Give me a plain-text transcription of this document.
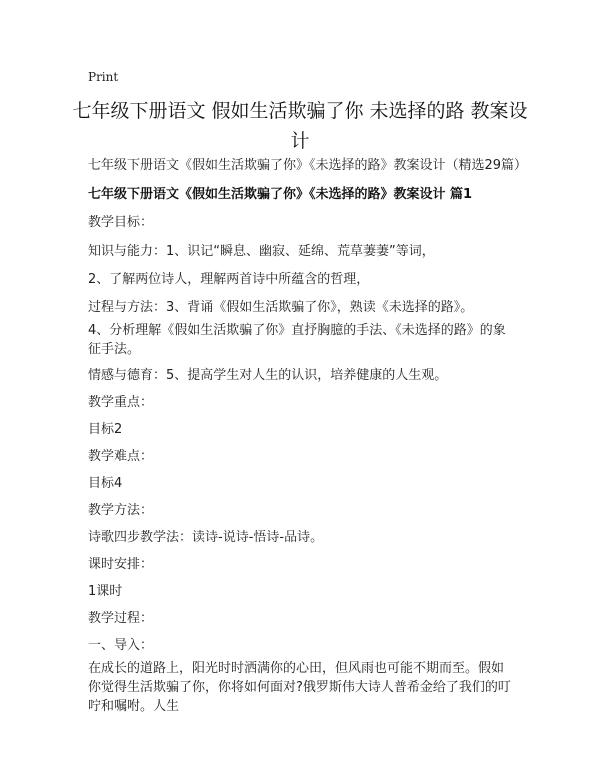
Print
七年级下册语文 假如生活欺骗了你 未选择的路 教案设计
七年级下册语文《假如生活欺骗了你》《未选择的路》教案设计（精选29篇）
七年级下册语文《假如生活欺骗了你》《未选择的路》教案设计 篇1
教学目标：
知识与能力：1、识记“瞬息、幽寂、延绵、荒草萋萋”等词，
2、了解两位诗人，理解两首诗中所蕴含的哲理，
过程与方法：3、背诵《假如生活欺骗了你》，熟读《未选择的路》。
4、分析理解《假如生活欺骗了你》直抒胸臆的手法、《未选择的路》的象征手法。
情感与德育：5、提高学生对人生的认识，培养健康的人生观。
教学重点：
目标2
教学难点：
目标4
教学方法：
诗歌四步教学法：读诗-说诗-悟诗-品诗。
课时安排：
1课时
教学过程：
一、导入：
在成长的道路上，阳光时时洒满你的心田，但风雨也可能不期而至。假如你觉得生活欺骗了你，你将如何面对?俄罗斯伟大诗人普希金给了我们的叮咛和嘱咐。人生
